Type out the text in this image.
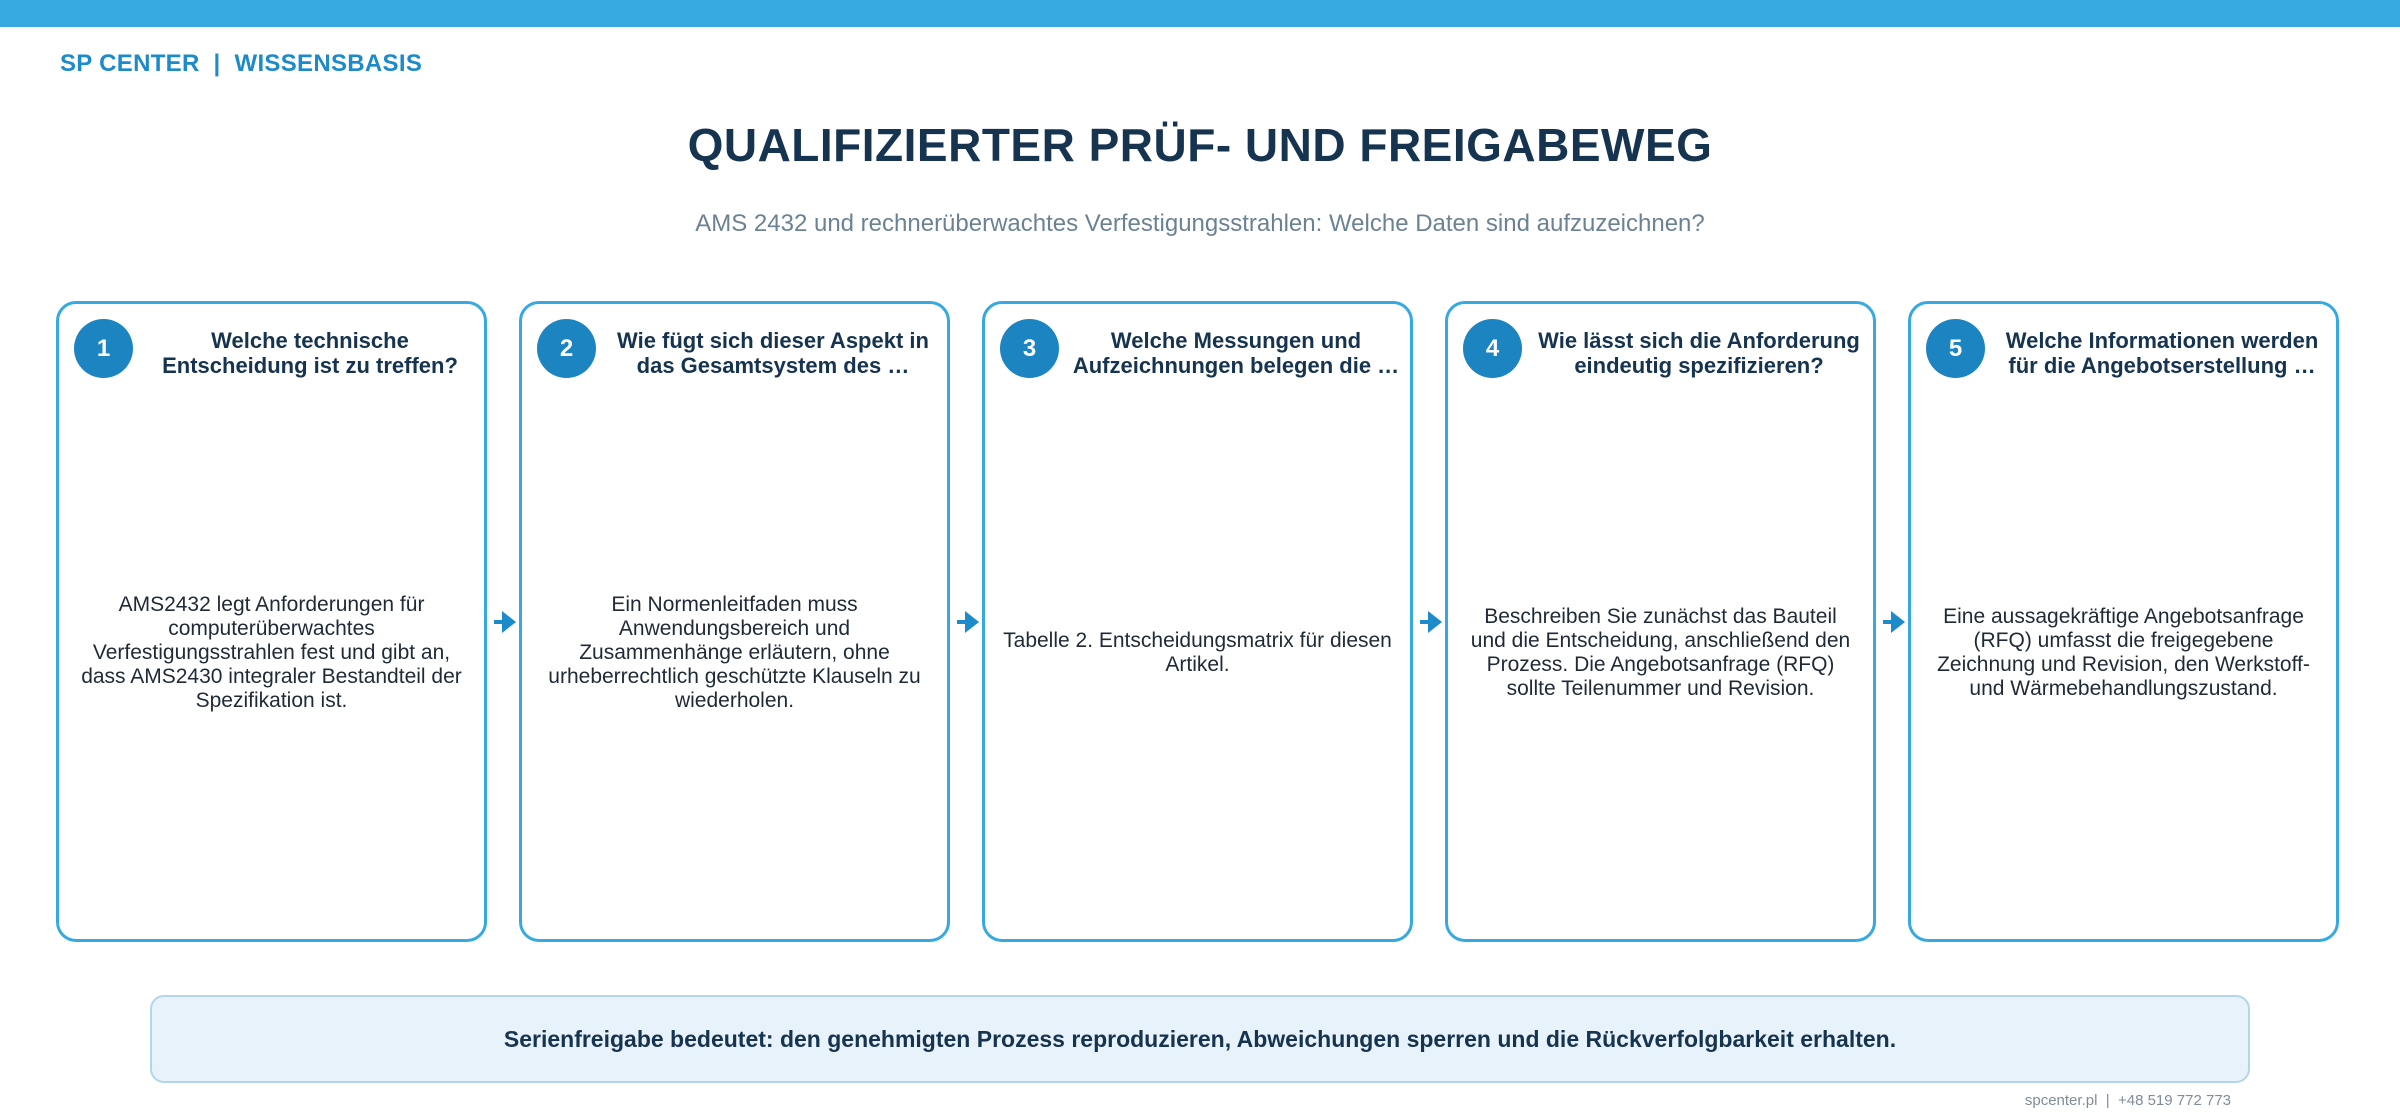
SP CENTER  |  WISSENSBASIS
QUALIFIZIERTER PRÜF- UND FREIGABEWEG
AMS 2432 und rechnerüberwachtes Verfestigungsstrahlen: Welche Daten sind aufzuzeichnen?
1	Welche technische Entscheidung ist zu treffen?
AMS2432 legt Anforderungen für computerüberwachtes Verfestigungsstrahlen fest und gibt an, dass AMS2430 integraler Bestandteil der Spezifikation ist.
2	Wie fügt sich dieser Aspekt in das Gesamtsystem des …
Ein Normenleitfaden muss Anwendungsbereich und Zusammenhänge erläutern, ohne urheberrechtlich geschützte Klauseln zu wiederholen.
3	Welche Messungen und Aufzeichnungen belegen die …
Tabelle 2. Entscheidungsmatrix für diesen Artikel.
4	Wie lässt sich die Anforderung eindeutig spezifizieren?
Beschreiben Sie zunächst das Bauteil und die Entscheidung, anschließend den Prozess. Die Angebotsanfrage (RFQ) sollte Teilenummer und Revision.
5	Welche Informationen werden für die Angebotserstellung …
Eine aussagekräftige Angebotsanfrage (RFQ) umfasst die freigegebene Zeichnung und Revision, den Werkstoff- und Wärmebehandlungszustand.
Serienfreigabe bedeutet: den genehmigten Prozess reproduzieren, Abweichungen sperren und die Rückverfolgbarkeit erhalten.
spcenter.pl  |  +48 519 772 773
